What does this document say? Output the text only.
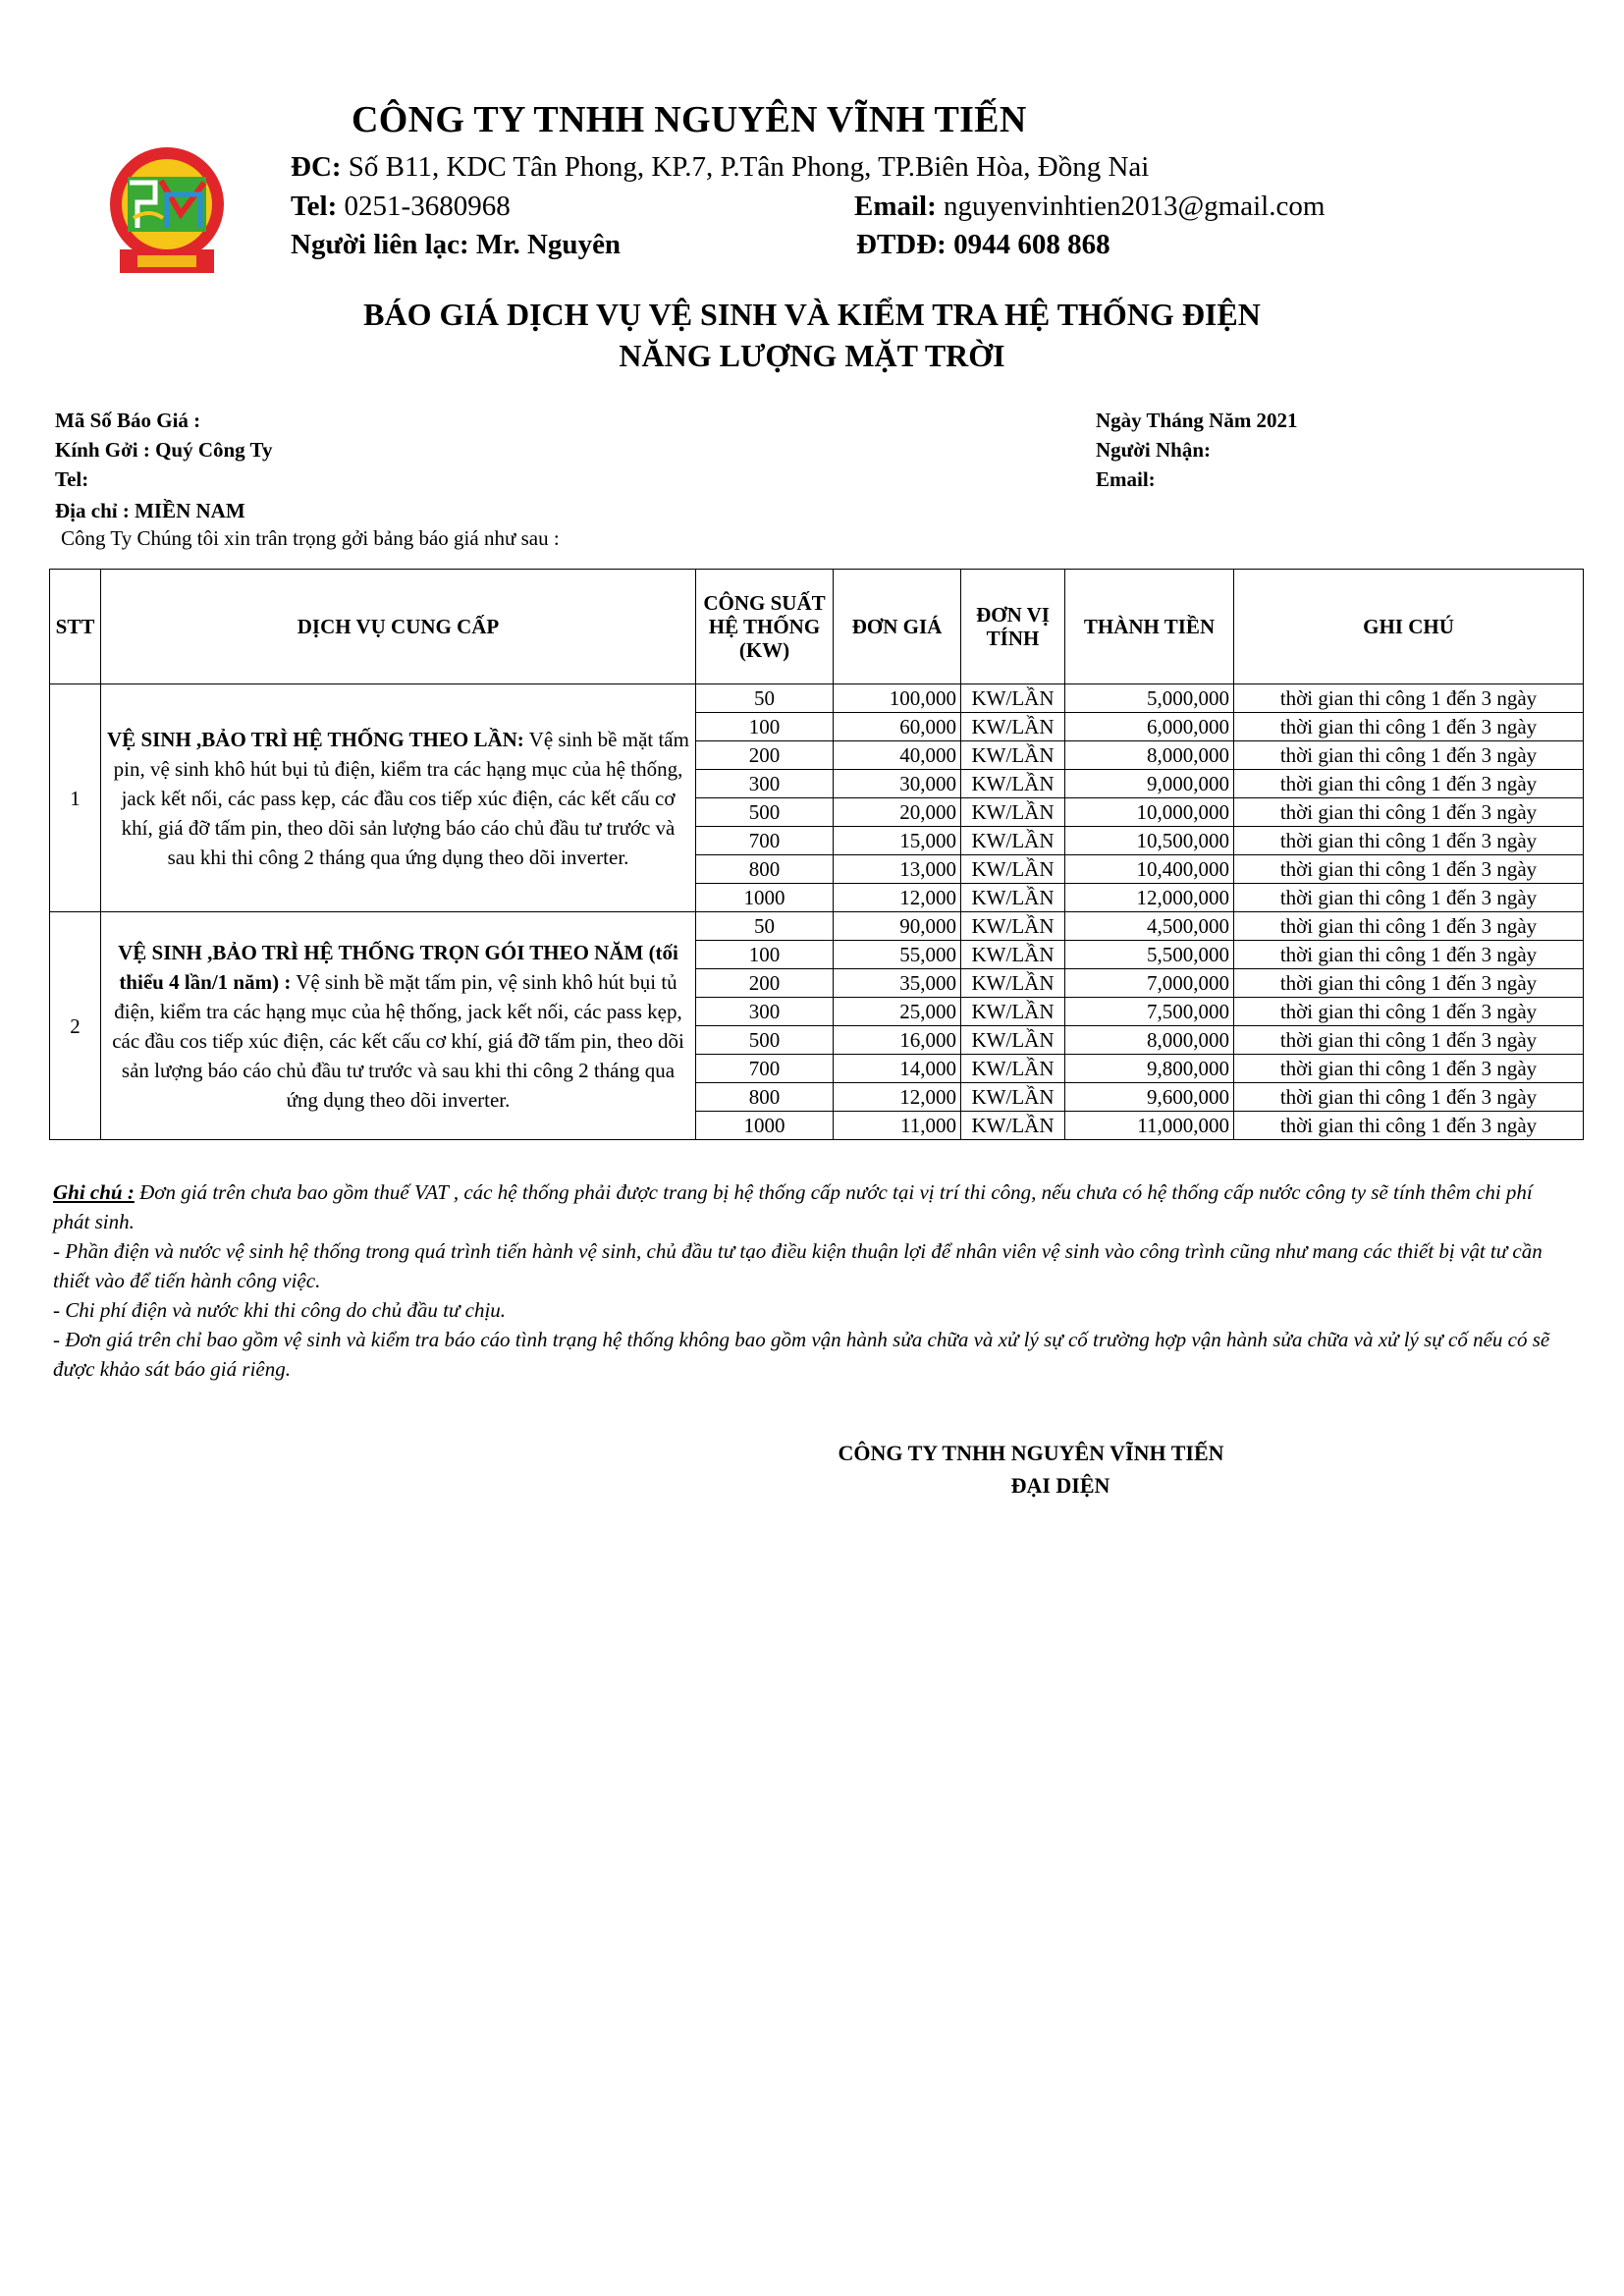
CÔNG TY TNHH NGUYÊN VĨNH TIẾN
ĐC: Số B11, KDC Tân Phong, KP.7, P.Tân Phong, TP.Biên Hòa, Đồng Nai
Tel: 0251-3680968	Email: nguyenvinhtien2013@gmail.com
Người liên lạc: Mr. Nguyên	ĐTDĐ: 0944 608 868
BÁO GIÁ DỊCH VỤ VỆ SINH VÀ KIỂM TRA HỆ THỐNG ĐIỆN
NĂNG LƯỢNG MẶT TRỜI
Mã Số Báo Giá :
Kính Gởi : Quý Công Ty
Tel:
Địa chỉ : MIỀN NAM
Công Ty Chúng tôi xin trân trọng gởi bảng báo giá như sau :
Ngày Tháng Năm 2021
Người Nhận:
Email:
STT	DỊCH VỤ CUNG CẤP	CÔNG SUẤT HỆ THỐNG (KW)	ĐƠN GIÁ	ĐƠN VỊ TÍNH	THÀNH TIỀN	GHI CHÚ
1	VỆ SINH ,BẢO TRÌ HỆ THỐNG THEO LẦN: Vệ sinh bề mặt tấm pin, vệ sinh khô hút bụi tủ điện, kiểm tra các hạng mục của hệ thống, jack kết nối, các pass kẹp, các đầu cos tiếp xúc điện, các kết cấu cơ khí, giá đỡ tấm pin, theo dõi sản lượng báo cáo chủ đầu tư trước và sau khi thi công 2 tháng qua ứng dụng theo dõi inverter.	50	100,000	KW/LẦN	5,000,000	thời gian thi công 1 đến 3 ngày
		100	60,000	KW/LẦN	6,000,000	thời gian thi công 1 đến 3 ngày
		200	40,000	KW/LẦN	8,000,000	thời gian thi công 1 đến 3 ngày
		300	30,000	KW/LẦN	9,000,000	thời gian thi công 1 đến 3 ngày
		500	20,000	KW/LẦN	10,000,000	thời gian thi công 1 đến 3 ngày
		700	15,000	KW/LẦN	10,500,000	thời gian thi công 1 đến 3 ngày
		800	13,000	KW/LẦN	10,400,000	thời gian thi công 1 đến 3 ngày
		1000	12,000	KW/LẦN	12,000,000	thời gian thi công 1 đến 3 ngày
2	VỆ SINH ,BẢO TRÌ HỆ THỐNG TRỌN GÓI THEO NĂM (tối thiểu 4 lần/1 năm) : Vệ sinh bề mặt tấm pin, vệ sinh khô hút bụi tủ điện, kiểm tra các hạng mục của hệ thống, jack kết nối, các pass kẹp, các đầu cos tiếp xúc điện, các kết cấu cơ khí, giá đỡ tấm pin, theo dõi sản lượng báo cáo chủ đầu tư trước và sau khi thi công 2 tháng qua ứng dụng theo dõi inverter.	50	90,000	KW/LẦN	4,500,000	thời gian thi công 1 đến 3 ngày
		100	55,000	KW/LẦN	5,500,000	thời gian thi công 1 đến 3 ngày
		200	35,000	KW/LẦN	7,000,000	thời gian thi công 1 đến 3 ngày
		300	25,000	KW/LẦN	7,500,000	thời gian thi công 1 đến 3 ngày
		500	16,000	KW/LẦN	8,000,000	thời gian thi công 1 đến 3 ngày
		700	14,000	KW/LẦN	9,800,000	thời gian thi công 1 đến 3 ngày
		800	12,000	KW/LẦN	9,600,000	thời gian thi công 1 đến 3 ngày
		1000	11,000	KW/LẦN	11,000,000	thời gian thi công 1 đến 3 ngày

Ghi chú : Đơn giá trên chưa bao gồm thuế VAT , các hệ thống phải được trang bị hệ thống cấp nước tại vị trí thi công, nếu chưa có hệ thống cấp nước công ty sẽ tính thêm chi phí phát sinh.

- Phần điện và nước vệ sinh hệ thống trong quá trình tiến hành vệ sinh, chủ đầu tư tạo điều kiện thuận lợi để nhân viên vệ sinh vào công trình cũng như mang các thiết bị vật tư cần thiết vào để tiến hành công việc.

- Chi phí điện và nước khi thi công do chủ đầu tư chịu.

- Đơn giá trên chỉ bao gồm vệ sinh và kiểm tra báo cáo tình trạng hệ thống không bao gồm vận hành sửa chữa và xử lý sự cố trường hợp vận hành sửa chữa và xử lý sự cố nếu có sẽ được khảo sát báo giá riêng.

CÔNG TY TNHH NGUYÊN VĨNH TIẾN
ĐẠI DIỆN
